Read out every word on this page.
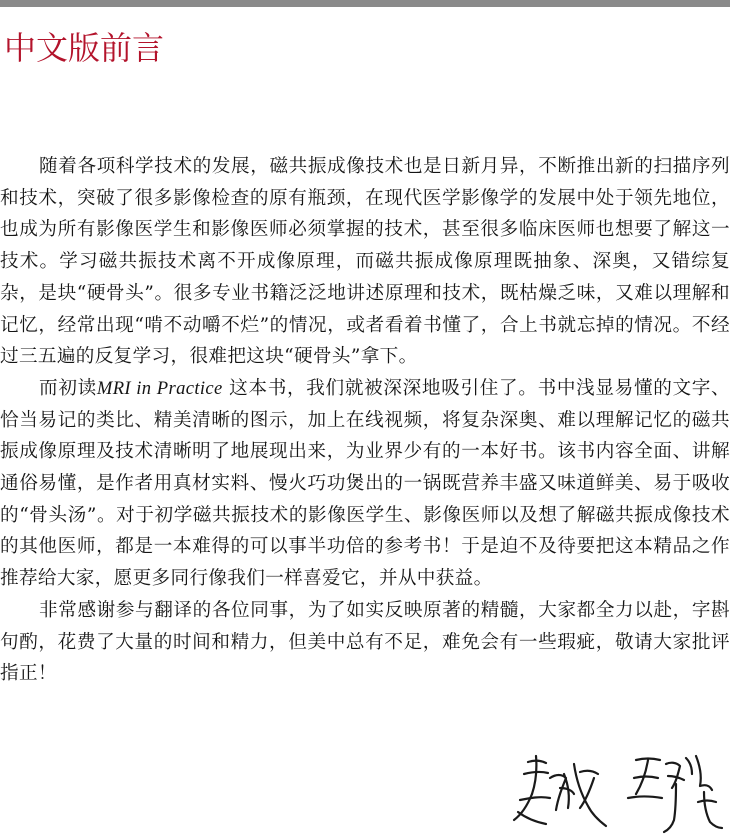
中文版前言

随着各项科学技术的发展，磁共振成像技术也是日新月异，不断推出新的扫描序列和技术，突破了很多影像检查的原有瓶颈，在现代医学影像学的发展中处于领先地位，也成为所有影像医学生和影像医师必须掌握的技术，甚至很多临床医师也想要了解这一技术。学习磁共振技术离不开成像原理，而磁共振成像原理既抽象、深奥，又错综复杂，是块“硬骨头”。很多专业书籍泛泛地讲述原理和技术，既枯燥乏味，又难以理解和记忆，经常出现“啃不动嚼不烂”的情况，或者看着书懂了，合上书就忘掉的情况。不经过三五遍的反复学习，很难把这块“硬骨头”拿下。

而初读MRI in Practice 这本书，我们就被深深地吸引住了。书中浅显易懂的文字、恰当易记的类比、精美清晰的图示，加上在线视频，将复杂深奥、难以理解记忆的磁共振成像原理及技术清晰明了地展现出来，为业界少有的一本好书。该书内容全面、讲解通俗易懂，是作者用真材实料、慢火巧功煲出的一锅既营养丰盛又味道鲜美、易于吸收的“骨头汤”。对于初学磁共振技术的影像医学生、影像医师以及想了解磁共振成像技术的其他医师，都是一本难得的可以事半功倍的参考书！于是迫不及待要把这本精品之作推荐给大家，愿更多同行像我们一样喜爱它，并从中获益。

非常感谢参与翻译的各位同事，为了如实反映原著的精髓，大家都全力以赴，字斟句酌，花费了大量的时间和精力，但美中总有不足，难免会有一些瑕疵，敬请大家批评指正！
